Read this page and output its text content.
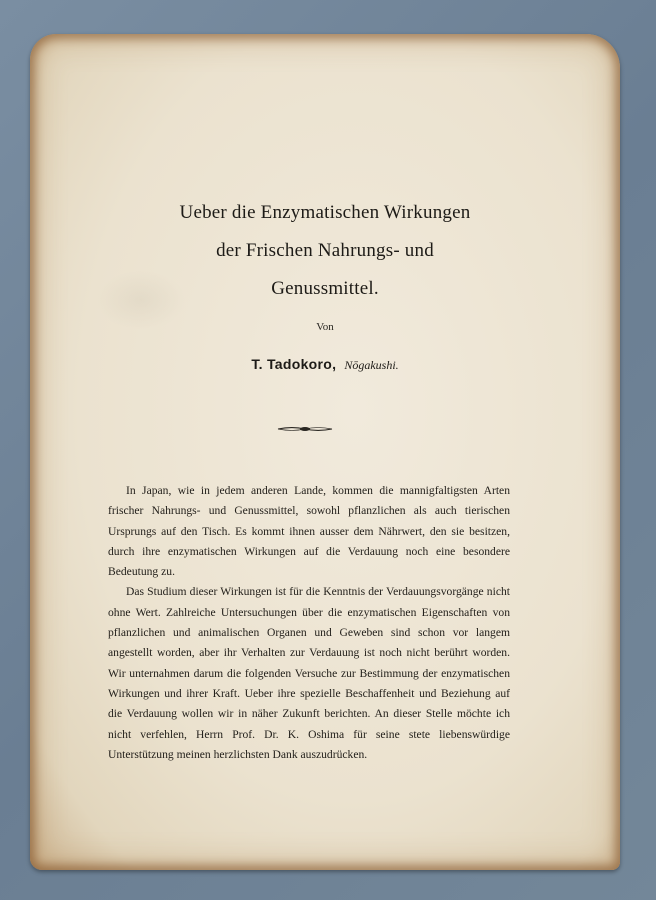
Ueber die Enzymatischen Wirkungen
der Frischen Nahrungs- und
Genussmittel.
Von
T. Tadokoro, Nōgakushi.

In Japan, wie in jedem anderen Lande, kommen die mannigfaltigsten Arten frischer Nahrungs- und Genussmittel, sowohl pflanzlichen als auch tierischen Ursprungs auf den Tisch. Es kommt ihnen ausser dem Nährwert, den sie besitzen, durch ihre enzymatischen Wirkungen auf die Verdauung noch eine besondere Bedeutung zu.

Das Studium dieser Wirkungen ist für die Kenntnis der Verdauungsvorgänge nicht ohne Wert. Zahlreiche Untersuchungen über die enzymatischen Eigenschaften von pflanzlichen und animalischen Organen und Geweben sind schon vor langem angestellt worden, aber ihr Verhalten zur Verdauung ist noch nicht berührt worden. Wir unternahmen darum die folgenden Versuche zur Bestimmung der enzymatischen Wirkungen und ihrer Kraft. Ueber ihre spezielle Beschaffenheit und Beziehung auf die Verdauung wollen wir in näher Zukunft berichten. An dieser Stelle möchte ich nicht verfehlen, Herrn Prof. Dr. K. Oshima für seine stete liebenswürdige Unterstützung meinen herzlichsten Dank auszudrücken.
